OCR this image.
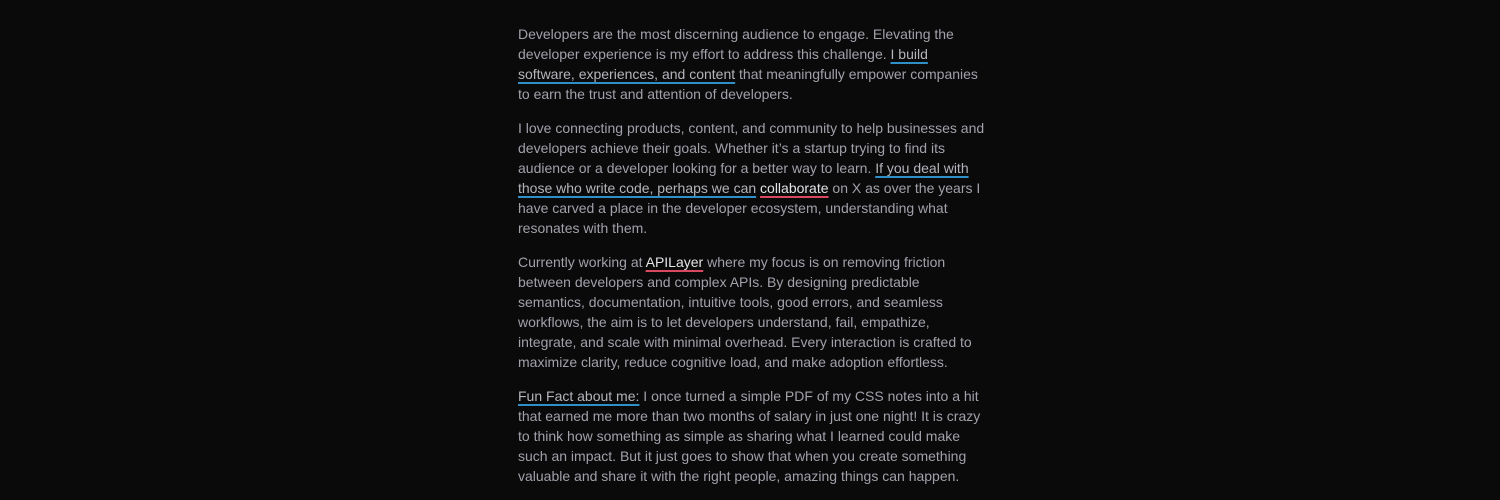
Developers are the most discerning audience to engage. Elevating the developer experience is my effort to address this challenge. I build software, experiences, and content that meaningfully empower companies to earn the trust and attention of developers.

I love connecting products, content, and community to help businesses and developers achieve their goals. Whether it’s a startup trying to find its audience or a developer looking for a better way to learn. If you deal with those who write code, perhaps we can collaborate on X as over the years I have carved a place in the developer ecosystem, understanding what resonates with them.

Currently working at APILayer where my focus is on removing friction between developers and complex APIs. By designing predictable semantics, documentation, intuitive tools, good errors, and seamless workflows, the aim is to let developers understand, fail, empathize, integrate, and scale with minimal overhead. Every interaction is crafted to maximize clarity, reduce cognitive load, and make adoption effortless.

Fun Fact about me: I once turned a simple PDF of my CSS notes into a hit that earned me more than two months of salary in just one night! It is crazy to think how something as simple as sharing what I learned could make such an impact. But it just goes to show that when you create something valuable and share it with the right people, amazing things can happen.
